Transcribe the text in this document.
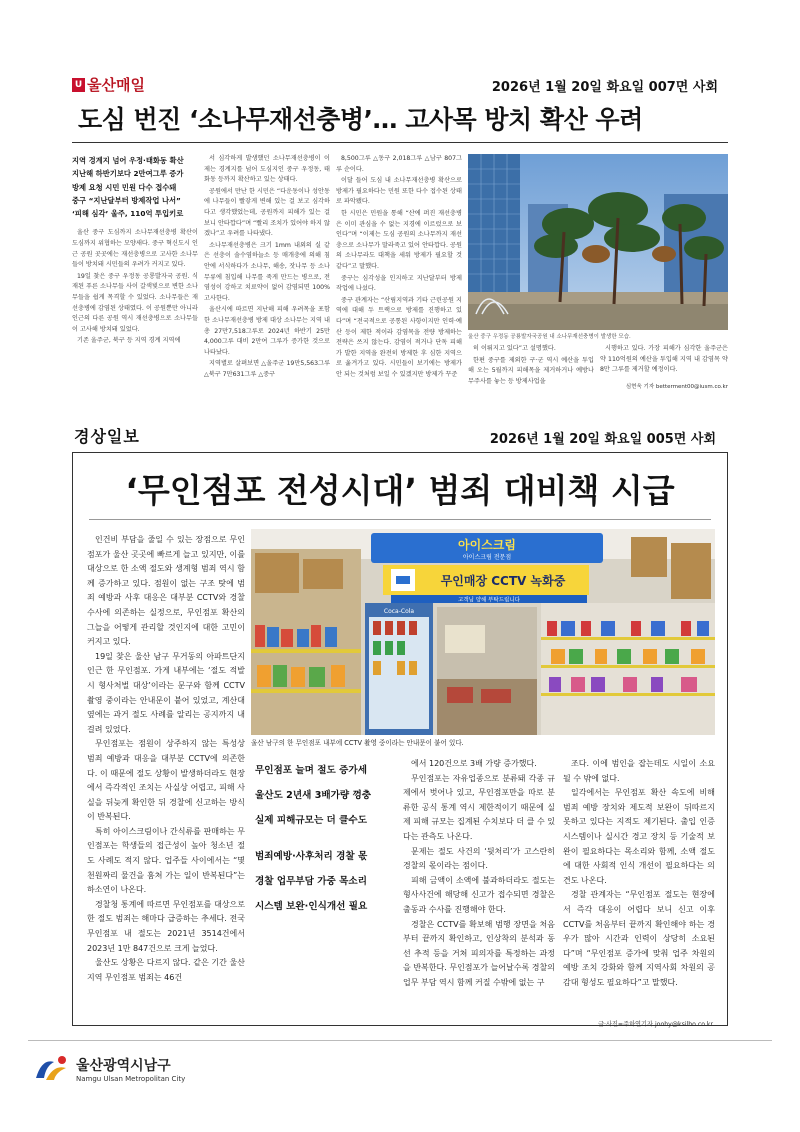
U 울산매일	2026년 1월 20일 화요일 007면 사회
도심 번진 ‘소나무재선충병’… 고사목 방치 확산 우려
지역 경계지 넘어 우정·태화동 확산
지난해 하반기보다 2만여그루 증가
방제 요청 시민 민원 다수 접수돼
중구 “지난달부터 방제작업 나서”
‘피해 심각’ 울주, 110억 투입키로

울산 중구 도심까지 소나무재선충병 확산이 도심까지 위협하는 모양새다. 중구 혁신도시 인근 공원 곳곳에는 재선충병으로 고사한 소나무들이 방치돼 시민들의 우려가 커지고 있다.

19일 찾은 중구 우정동 공룡발자국 공원. 식재된 푸른 소나무들 사이 갈색빛으로 변한 소나무들을 쉽게 목격할 수 있었다. 소나무들은 재선충병에 감염된 상태였다. 이 공원뿐만 아니라 인근의 다른 공원 역시 재선충병으로 소나무들이 고사해 방치돼 있었다.

기존 울주군, 북구 등 지역 경계 지역에

서 심각하게 발생했던 소나무재선충병이 이제는 경계지를 넘어 도심지인 중구 우정동, 태화동 등까지 확산하고 있는 상태다.

공원에서 만난 한 시민은 “다운동이나 성안동에 나무들이 빨갛게 변해 있는 걸 보고 심각하다고 생각했었는데, 공원까지 피해가 있는 걸 보니 안타깝다”며 “빨리 조치가 있어야 하지 않겠나”고 우려를 나타냈다.

소나무재선충병은 크기 1mm 내외의 실 같은 선충이 솔수염하늘소 등 매개충에 의해 침 안에 서식하다가 소나무, 해송, 잣나무 등 소나무류에 침입해 나무를 죽게 만드는 병으로, 전염성이 강하고 치료약이 없어 감염되면 100% 고사한다.

울산시에 따르면 지난해 피해 우려목을 포함한 소나무재선충병 방제 대상 소나무는 지역 내 총 27만7,518그루로 2024년 하반기 25만4,000그루 대비 2만여 그루가 증가한 것으로 나타났다.

지역별로 살펴보면 △울주군 19만5,563그루 △북구 7만631그루 △중구

8,500그루 △동구 2,018그루 △남구 807그루 순이다.

이달 들어 도심 내 소나무재선충병 확산으로 방제가 필요하다는 민원 또한 다수 접수된 상태로 파악됐다.

한 시민은 민원을 통해 “산에 퍼진 재선충병은 이미 관심을 수 없는 지경에 이르렀으로 보인다”며 “이제는 도심 공원의 소나무까지 재선충으로 소나무가 말라죽고 있어 안타깝다. 공원의 소나무라도 대책을 세워 방제가 필요할 것 같다”고 말했다.

중구는 심각성을 인지하고 지난달부터 방제작업에 나섰다.

중구 관계자는 “산림지역과 기타 근린공원 지역에 대해 두 트랙으로 방제를 진행하고 있다”며 “전국적으로 공통된 사항이지만 인력·예산 등이 제한 적이라 감염목을 전량 방제하는 전략은 쓰지 않는다. 감염이 적거나 단독 피해가 발한 지역을 완전히 방제한 후 심한 지역으로 옮겨가고 있다. 시민들이 보기에는 방제가 안 되는 것처럼 보일 수 있겠지만 방제가 꾸준

울산 중구 우정동 공룡발자국공원 내 소나무재선충병이 발생한 모습.

히 이뤄지고 있다”고 설명했다.

한편 중구를 제외한 구·군 역시 예산을 투입해 오는 5월까지 피해목을 제거하거나 예방나무주사를 놓는 등 방제사업을

시행하고 있다. 가장 피해가 심각한 울주군은 약 110억원의 예산을 투입해 지역 내 감염목 약 8만 그루를 제거할 예정이다.

심현욱 기자 betterment00@iusm.co.kr
경상일보	2026년 1월 20일 화요일 005면 사회
‘무인점포 전성시대’ 범죄 대비책 시급

인건비 부담을 줄일 수 있는 장점으로 무인점포가 울산 곳곳에 빠르게 늘고 있지만, 이를 대상으로 한 소액 절도와 생계형 범죄 역시 함께 증가하고 있다. 점원이 없는 구조 탓에 범죄 예방과 사후 대응은 대부분 CCTV와 경찰 수사에 의존하는 실정으로, 무인점포 확산의 그늘을 어떻게 관리할 것인지에 대한 고민이 커지고 있다.

19일 찾은 울산 남구 무거동의 아파트단지 인근 한 무인점포. 가게 내부에는 ‘절도 적발 시 형사처벌 대상’이라는 문구와 함께 CCTV 촬영 중이라는 안내문이 붙어 있었고, 계산대 옆에는 과거 절도 사례를 알리는 공지까지 내걸려 있었다.

무인점포는 점원이 상주하지 않는 특성상 범죄 예방과 대응을 대부분 CCTV에 의존한다. 이 때문에 절도 상황이 발생하더라도 현장에서 즉각적인 조치는 사실상 어렵고, 피해 사실을 뒤늦게 확인한 뒤 경찰에 신고하는 방식이 반복된다.

특히 아이스크림이나 간식류를 판매하는 무인점포는 학생들의 접근성이 높아 청소년 절도 사례도 적지 않다. 업주들 사이에서는 “몇천원짜리 물건을 훔쳐 가는 일이 반복된다”는 하소연이 나온다.

경찰청 통계에 따르면 무인점포를 대상으로 한 절도 범죄는 해마다 급증하는 추세다. 전국 무인점포 내 절도는 2021년 3514건에서 2023년 1만 847건으로 크게 늘었다.

울산도 상황은 다르지 않다. 같은 기간 울산지역 무인점포 범죄는 46건

아이스크림
아이스크림 전문점
무인매장 CCTV 녹화중
고객님 양해 부탁드립니다
Coca-Cola
울산 남구의 한 무인점포 내부에 CCTV 촬영 중이라는 안내문이 붙어 있다.
무인점포 늘며 절도 증가세
울산도 2년새 3배가량 껑충
실제 피해규모는 더 클수도
범죄예방·사후처리 경찰 몫
경찰 업무부담 가중 목소리
시스템 보완·인식개선 필요

에서 120건으로 3배 가량 증가했다.

무인점포는 자유업종으로 분류돼 각종 규제에서 벗어나 있고, 무인점포만을 따로 분류한 공식 통계 역시 제한적이기 때문에 실제 피해 규모는 집계된 수치보다 더 클 수 있다는 관측도 나온다.

문제는 절도 사건의 ‘뒷처리’가 고스란히 경찰의 몫이라는 점이다.

피해 금액이 소액에 불과하더라도 절도는 형사사건에 해당해 신고가 접수되면 경찰은 출동과 수사를 진행해야 한다.

경찰은 CCTV를 확보해 범행 장면을 처음부터 끝까지 확인하고, 인상착의 분석과 동선 추적 등을 거쳐 피의자를 특정하는 과정을 반복한다. 무인점포가 늘어날수록 경찰의 업무 부담 역시 함께 커질 수밖에 없는 구

조다. 이에 범인을 잡는데도 시일이 소요될 수 밖에 없다.

일각에서는 무인점포 확산 속도에 비해 범죄 예방 장치와 제도적 보완이 뒤따르지 못하고 있다는 지적도 제기된다. 출입 인증 시스템이나 실시간 경고 장치 등 기술적 보완이 필요하다는 목소리와 함께, 소액 절도에 대한 사회적 인식 개선이 필요하다는 의견도 나온다.

경찰 관계자는 “무인점포 절도는 현장에서 즉각 대응이 어렵다 보니 신고 이후 CCTV를 처음부터 끝까지 확인해야 하는 경우가 많아 시간과 인력이 상당히 소요된다”며 “무인점포 증가에 맞춰 업주 차원의 예방 조치 강화와 함께 지역사회 차원의 공감대 형성도 필요하다”고 말했다.

글·사진=주하연기자 joohy@ksilbo.co.kr
울산광역시남구
Namgu Ulsan Metropolitan City
